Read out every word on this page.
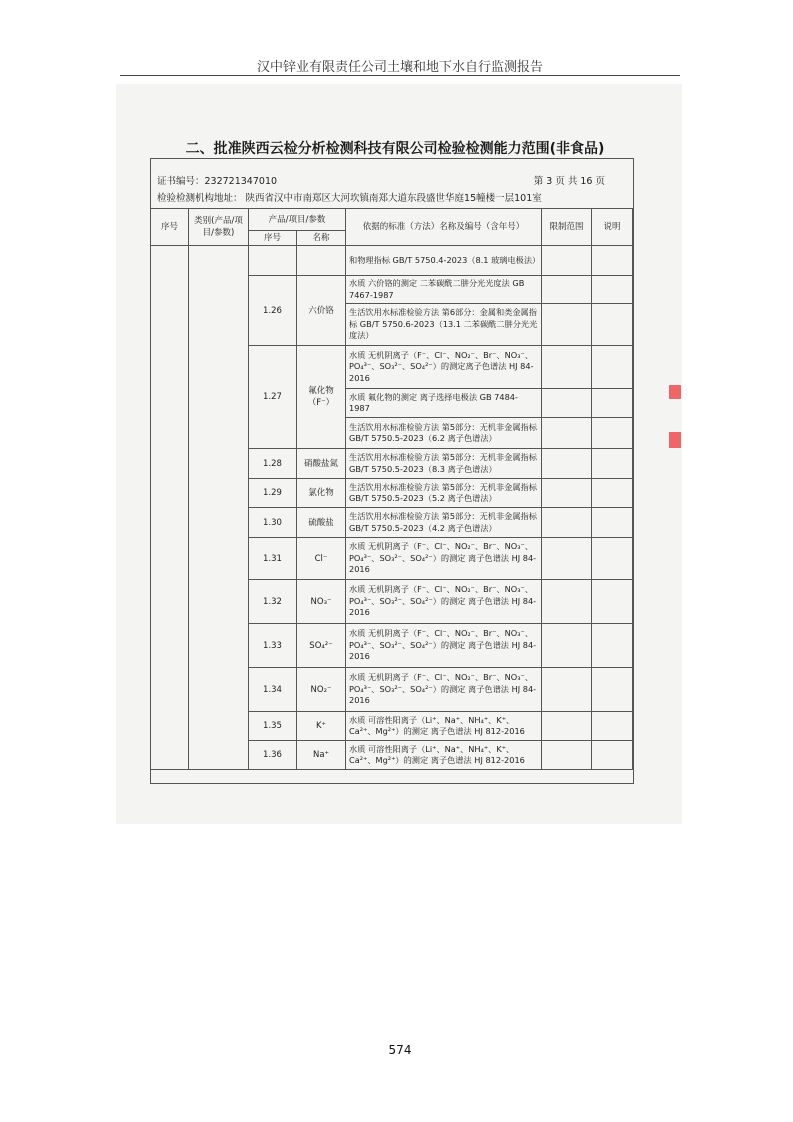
汉中锌业有限责任公司土壤和地下水自行监测报告
二、批准陕西云检分析检测科技有限公司检验检测能力范围(非食品)
证书编号：232721347010	第 3 页 共 16 页
检验检测机构地址： 陕西省汉中市南郑区大河坎镇南郑大道东段盛世华庭15幢楼一层101室
序号	类别(产品/项目/参数)	产品/项目/参数		依据的标准（方法）名称及编号（含年号）	限制范围	说明
		序号	名称			
				和物理指标 GB/T 5750.4-2023（8.1 玻璃电极法）		
		1.26	六价铬	水质 六价铬的测定 二苯碳酰二肼分光光度法 GB 7467-1987		
				生活饮用水标准检验方法 第6部分：金属和类金属指标 GB/T 5750.6-2023（13.1 二苯碳酰二肼分光光度法）		
		1.27	氟化物（F⁻）	水质 无机阴离子（F⁻、Cl⁻、NO₂⁻、Br⁻、NO₃⁻、PO₄³⁻、SO₃²⁻、SO₄²⁻）的测定离子色谱法 HJ 84-2016		
				水质 氟化物的测定 离子选择电极法 GB 7484-1987		
				生活饮用水标准检验方法 第5部分：无机非金属指标 GB/T 5750.5-2023（6.2 离子色谱法）		
		1.28	硝酸盐氮	生活饮用水标准检验方法 第5部分：无机非金属指标 GB/T 5750.5-2023（8.3 离子色谱法）		
		1.29	氯化物	生活饮用水标准检验方法 第5部分：无机非金属指标 GB/T 5750.5-2023（5.2 离子色谱法）		
		1.30	硫酸盐	生活饮用水标准检验方法 第5部分：无机非金属指标 GB/T 5750.5-2023（4.2 离子色谱法）		
		1.31	Cl⁻	水质 无机阴离子（F⁻、Cl⁻、NO₂⁻、Br⁻、NO₃⁻、PO₄³⁻、SO₃²⁻、SO₄²⁻）的测定 离子色谱法 HJ 84-2016		
		1.32	NO₃⁻	水质 无机阴离子（F⁻、Cl⁻、NO₂⁻、Br⁻、NO₃⁻、PO₄³⁻、SO₃²⁻、SO₄²⁻）的测定 离子色谱法 HJ 84-2016		
		1.33	SO₄²⁻	水质 无机阴离子（F⁻、Cl⁻、NO₂⁻、Br⁻、NO₃⁻、PO₄³⁻、SO₃²⁻、SO₄²⁻）的测定 离子色谱法 HJ 84-2016		
		1.34	NO₂⁻	水质 无机阴离子（F⁻、Cl⁻、NO₂⁻、Br⁻、NO₃⁻、PO₄³⁻、SO₃²⁻、SO₄²⁻）的测定 离子色谱法 HJ 84-2016		
		1.35	K⁺	水质 可溶性阳离子（Li⁺、Na⁺、NH₄⁺、K⁺、Ca²⁺、Mg²⁺）的测定 离子色谱法 HJ 812-2016		
		1.36	Na⁺	水质 可溶性阳离子（Li⁺、Na⁺、NH₄⁺、K⁺、Ca²⁺、Mg²⁺）的测定 离子色谱法 HJ 812-2016		
574
